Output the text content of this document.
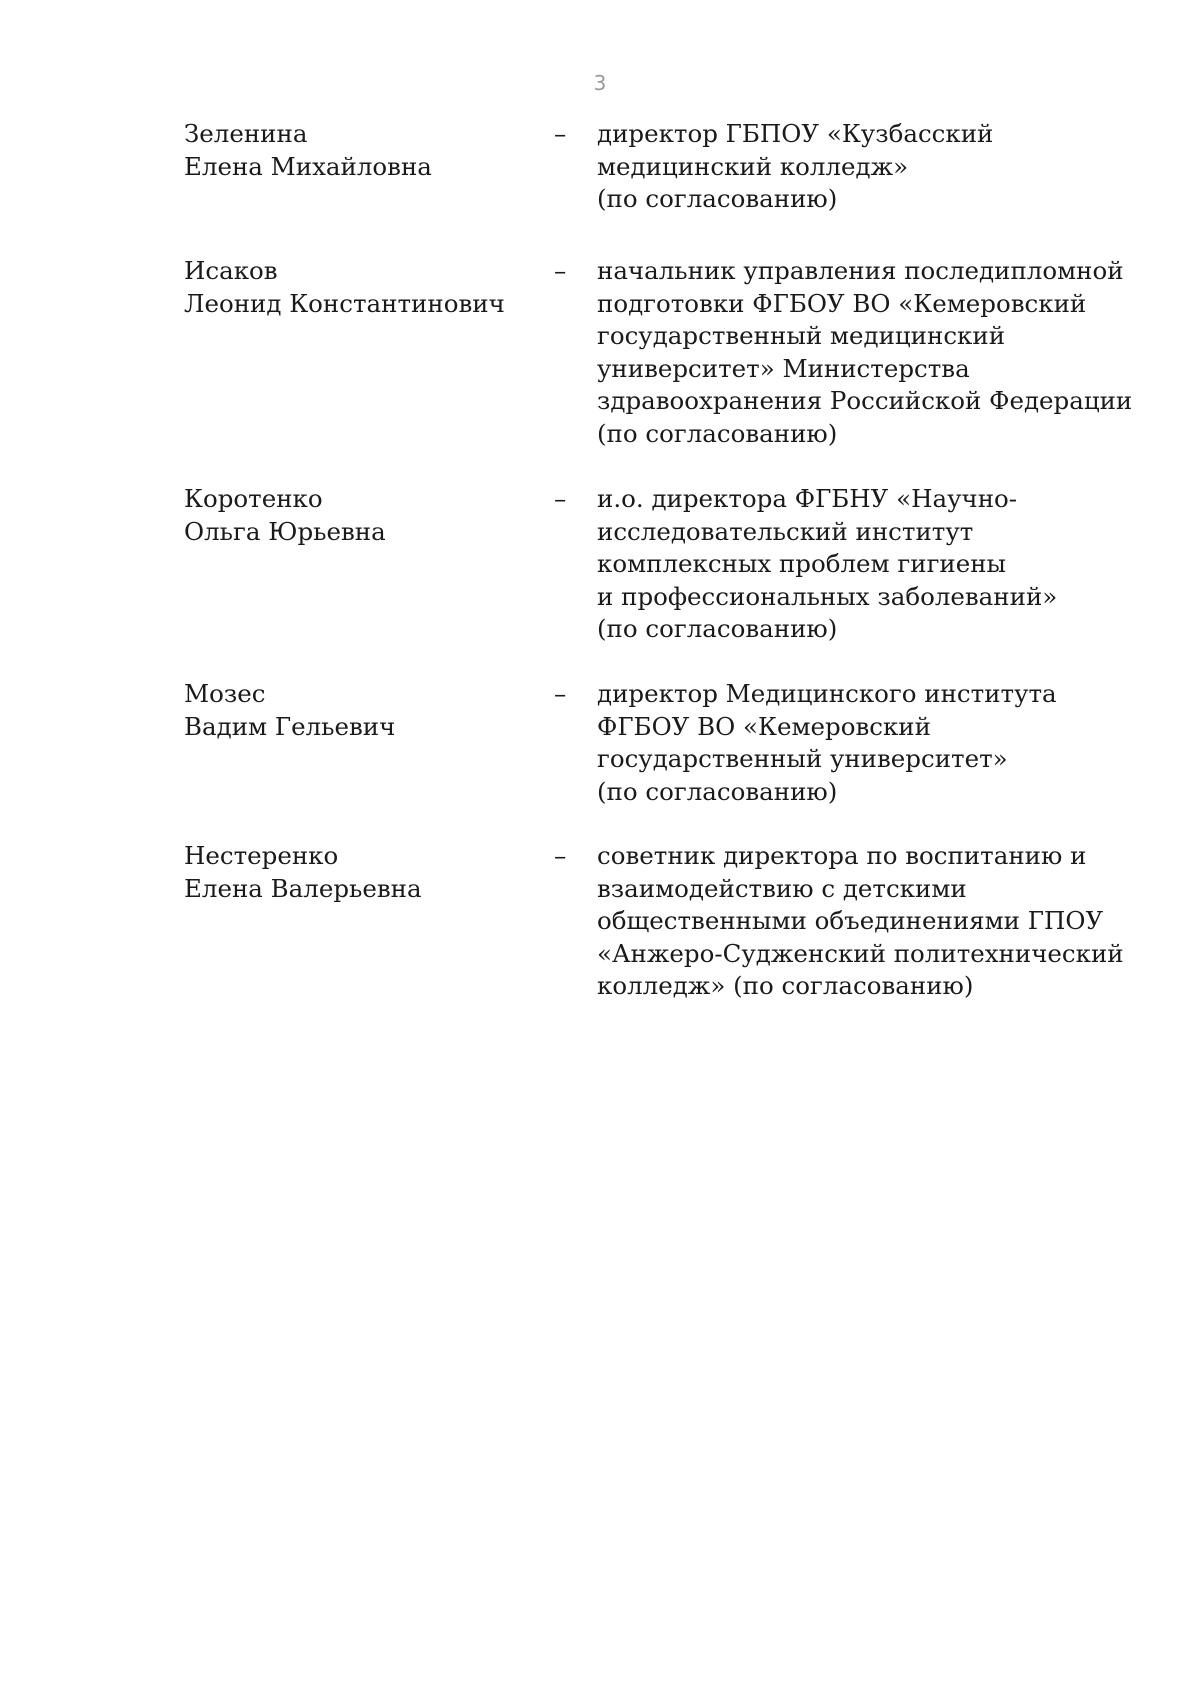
3
Зеленина
Елена Михайловна
–	директор ГБПОУ «Кузбасский
медицинский колледж»
(по согласованию)
Исаков
Леонид Константинович
–	начальник управления последипломной
подготовки ФГБОУ ВО «Кемеровский
государственный медицинский
университет» Министерства
здравоохранения Российской Федерации
(по согласованию)
Коротенко
Ольга Юрьевна
–	и.о. директора ФГБНУ «Научно-
исследовательский институт
комплексных проблем гигиены
и профессиональных заболеваний»
(по согласованию)
Мозес
Вадим Гельевич
–	директор Медицинского института
ФГБОУ ВО «Кемеровский
государственный университет»
(по согласованию)
Нестеренко
Елена Валерьевна
–	советник директора по воспитанию и
взаимодействию с детскими
общественными объединениями ГПОУ
«Анжеро-Судженский политехнический
колледж» (по согласованию)
